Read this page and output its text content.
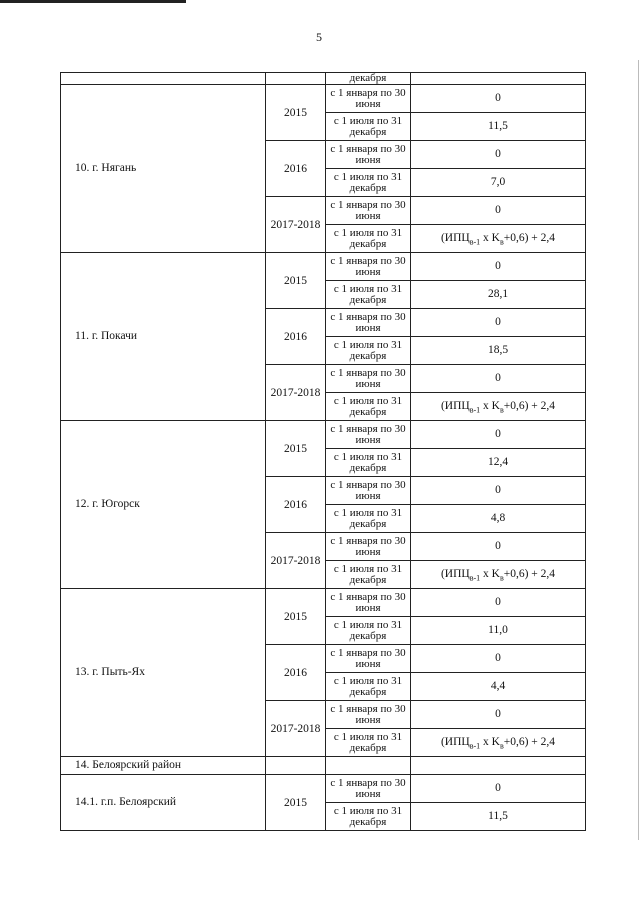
5
		декабря	
10. г. Нягань	2015	с 1 января по 30 июня	0
		с 1 июля по 31 декабря	11,5
	2016	с 1 января по 30 июня	0
		с 1 июля по 31 декабря	7,0
	2017-2018	с 1 января по 30 июня	0
		с 1 июля по 31 декабря	($ИПЦ_{в-1}$ x $K_в+0,6) + 2,4$
11. г. Покачи	2015	с 1 января по 30 июня	0
		с 1 июля по 31 декабря	28,1
	2016	с 1 января по 30 июня	0
		с 1 июля по 31 декабря	18,5
	2017-2018	с 1 января по 30 июня	0
		с 1 июля по 31 декабря	($ИПЦ_{в-1}$ x $K_в+0,6) + 2,4$
12. г. Югорск	2015	с 1 января по 30 июня	0
		с 1 июля по 31 декабря	12,4
	2016	с 1 января по 30 июня	0
		с 1 июля по 31 декабря	4,8
	2017-2018	с 1 января по 30 июня	0
		с 1 июля по 31 декабря	($ИПЦ_{в-1}$ x $K_в+0,6) + 2,4$
13. г. Пыть-Ях	2015	с 1 января по 30 июня	0
		с 1 июля по 31 декабря	11,0
	2016	с 1 января по 30 июня	0
		с 1 июля по 31 декабря	4,4
	2017-2018	с 1 января по 30 июня	0
		с 1 июля по 31 декабря	($ИПЦ_{в-1}$ x $K_в+0,6) + 2,4$
14. Белоярский район			
14.1. г.п. Белоярский	2015	с 1 января по 30 июня	0
		с 1 июля по 31 декабря	11,5
